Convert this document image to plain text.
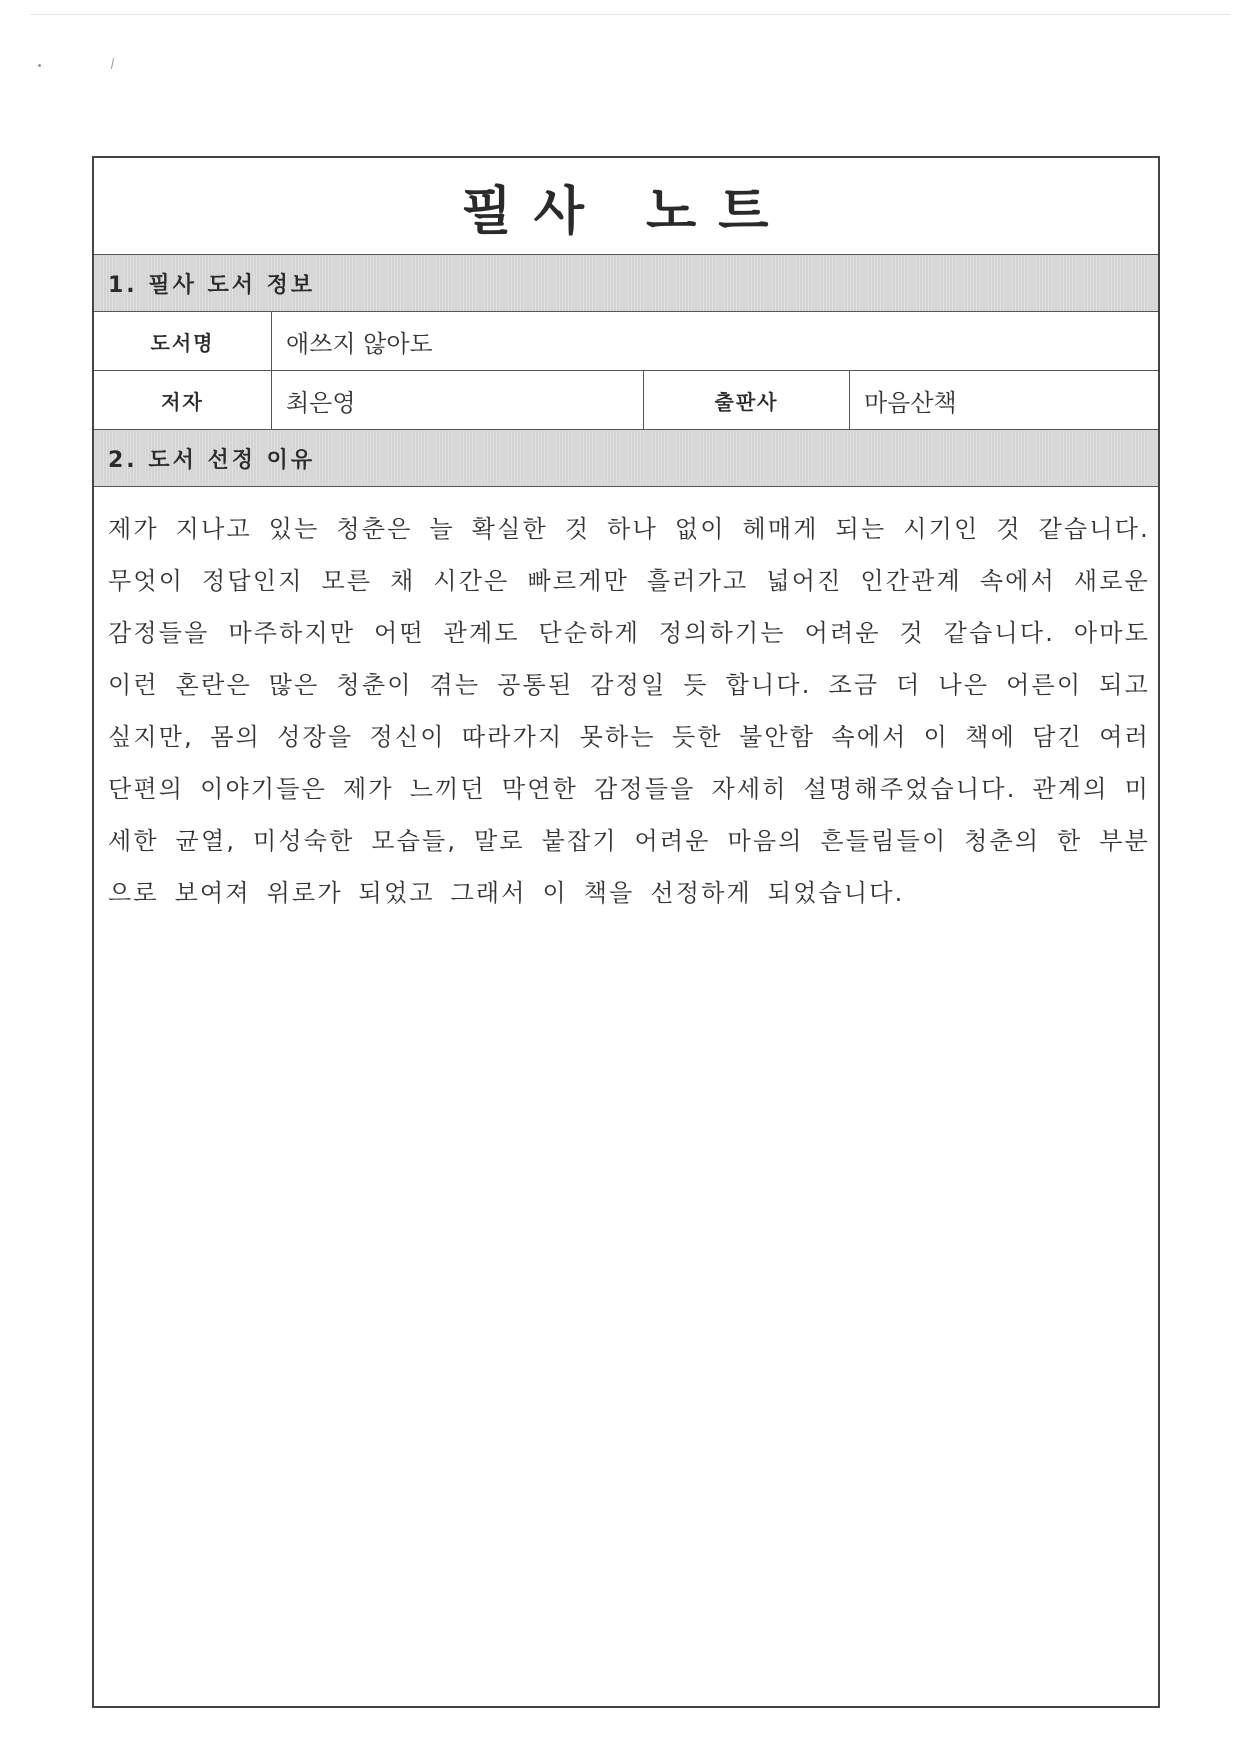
필사 노트
1. 필사 도서 정보
도서명	애쓰지 않아도
저자	최은영	출판사	마음산책
2. 도서 선정 이유
제가 지나고 있는 청춘은 늘 확실한 것 하나 없이 헤매게 되는 시기인 것 같습니다. 무엇이 정답인지 모른 채 시간은 빠르게만 흘러가고 넓어진 인간관계 속에서 새로운 감정들을 마주하지만 어떤 관계도 단순하게 정의하기는 어려운 것 같습니다. 아마도 이런 혼란은 많은 청춘이 겪는 공통된 감정일 듯 합니다. 조금 더 나은 어른이 되고 싶지만, 몸의 성장을 정신이 따라가지 못하는 듯한 불안함 속에서 이 책에 담긴 여러 단편의 이야기들은 제가 느끼던 막연한 감정들을 자세히 설명해주었습니다. 관계의 미세한 균열, 미성숙한 모습들, 말로 붙잡기 어려운 마음의 흔들림들이 청춘의 한 부분으로 보여져 위로가 되었고 그래서 이 책을 선정하게 되었습니다.
